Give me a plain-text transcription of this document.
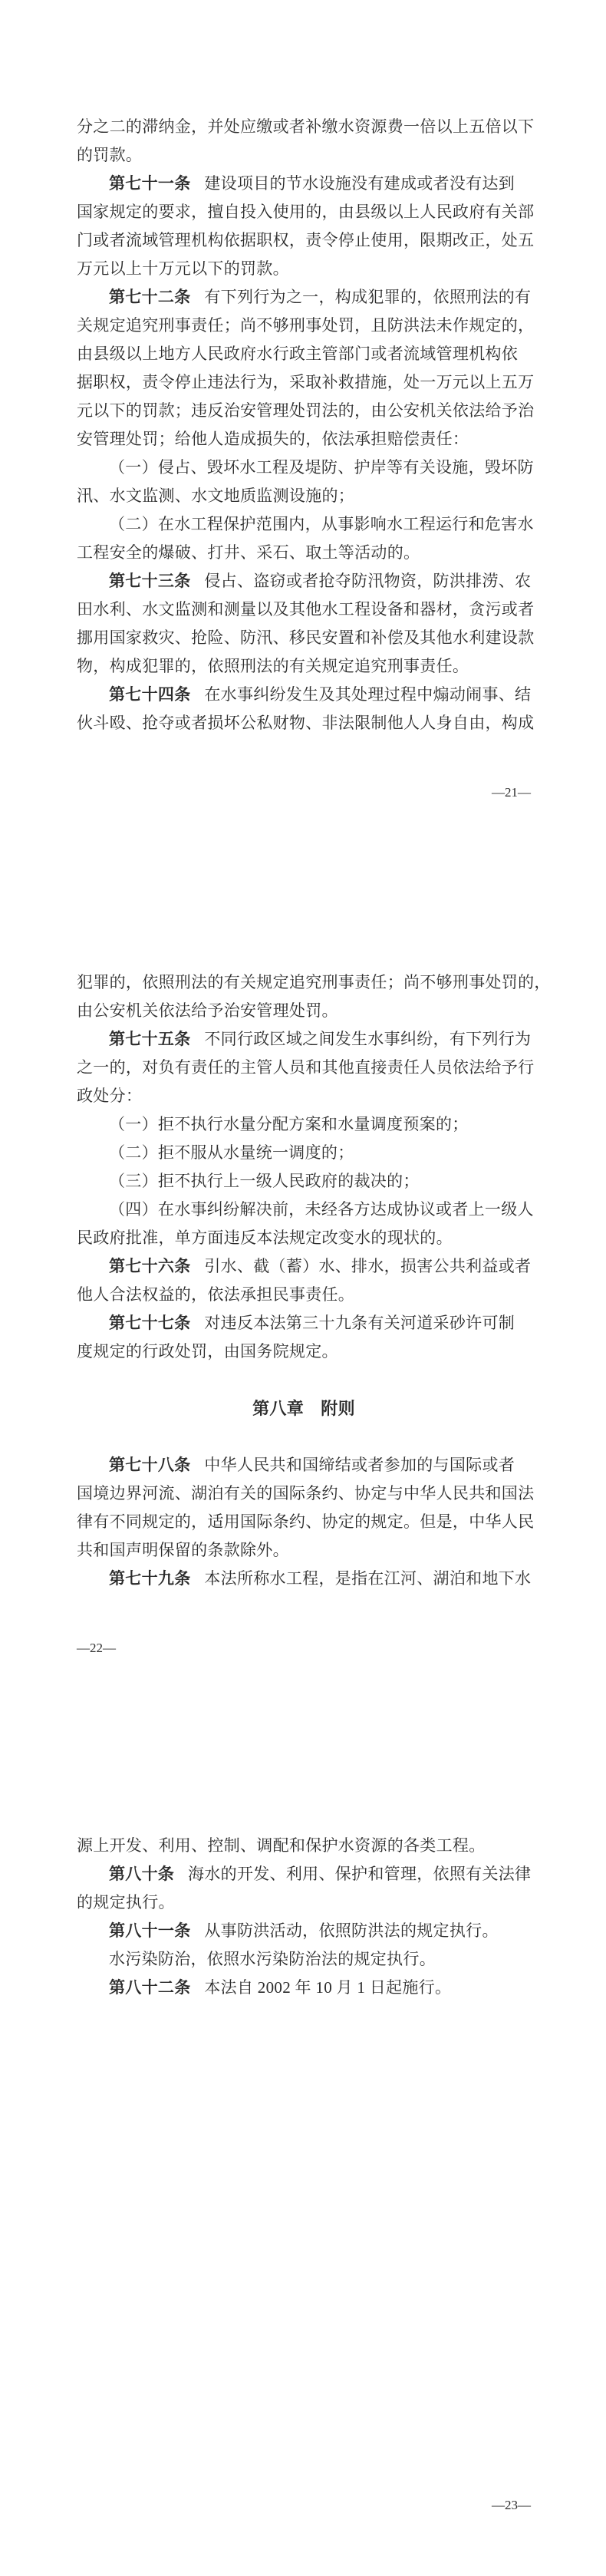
分之二的滞纳金，并处应缴或者补缴水资源费一倍以上五倍以下
的罚款。
第七十一条 建设项目的节水设施没有建成或者没有达到
国家规定的要求，擅自投入使用的，由县级以上人民政府有关部
门或者流域管理机构依据职权，责令停止使用，限期改正，处五
万元以上十万元以下的罚款。
第七十二条 有下列行为之一，构成犯罪的，依照刑法的有
关规定追究刑事责任；尚不够刑事处罚，且防洪法未作规定的，
由县级以上地方人民政府水行政主管部门或者流域管理机构依
据职权，责令停止违法行为，采取补救措施，处一万元以上五万
元以下的罚款；违反治安管理处罚法的，由公安机关依法给予治
安管理处罚；给他人造成损失的，依法承担赔偿责任：
（一）侵占、毁坏水工程及堤防、护岸等有关设施，毁坏防
汛、水文监测、水文地质监测设施的；
（二）在水工程保护范围内，从事影响水工程运行和危害水
工程安全的爆破、打井、采石、取土等活动的。
第七十三条 侵占、盗窃或者抢夺防汛物资，防洪排涝、农
田水利、水文监测和测量以及其他水工程设备和器材，贪污或者
挪用国家救灾、抢险、防汛、移民安置和补偿及其他水利建设款
物，构成犯罪的，依照刑法的有关规定追究刑事责任。
第七十四条 在水事纠纷发生及其处理过程中煽动闹事、结
伙斗殴、抢夺或者损坏公私财物、非法限制他人人身自由，构成
—21—
犯罪的，依照刑法的有关规定追究刑事责任；尚不够刑事处罚的，
由公安机关依法给予治安管理处罚。
第七十五条 不同行政区域之间发生水事纠纷，有下列行为
之一的，对负有责任的主管人员和其他直接责任人员依法给予行
政处分：
（一）拒不执行水量分配方案和水量调度预案的；
（二）拒不服从水量统一调度的；
（三）拒不执行上一级人民政府的裁决的；
（四）在水事纠纷解决前，未经各方达成协议或者上一级人
民政府批准，单方面违反本法规定改变水的现状的。
第七十六条 引水、截（蓄）水、排水，损害公共利益或者
他人合法权益的，依法承担民事责任。
第七十七条 对违反本法第三十九条有关河道采砂许可制
度规定的行政处罚，由国务院规定。
第八章　附则
第七十八条 中华人民共和国缔结或者参加的与国际或者
国境边界河流、湖泊有关的国际条约、协定与中华人民共和国法
律有不同规定的，适用国际条约、协定的规定。但是，中华人民
共和国声明保留的条款除外。
第七十九条 本法所称水工程，是指在江河、湖泊和地下水
—22—
源上开发、利用、控制、调配和保护水资源的各类工程。
第八十条 海水的开发、利用、保护和管理，依照有关法律
的规定执行。
第八十一条 从事防洪活动，依照防洪法的规定执行。
水污染防治，依照水污染防治法的规定执行。
第八十二条 本法自 2002 年 10 月 1 日起施行。
—23—
